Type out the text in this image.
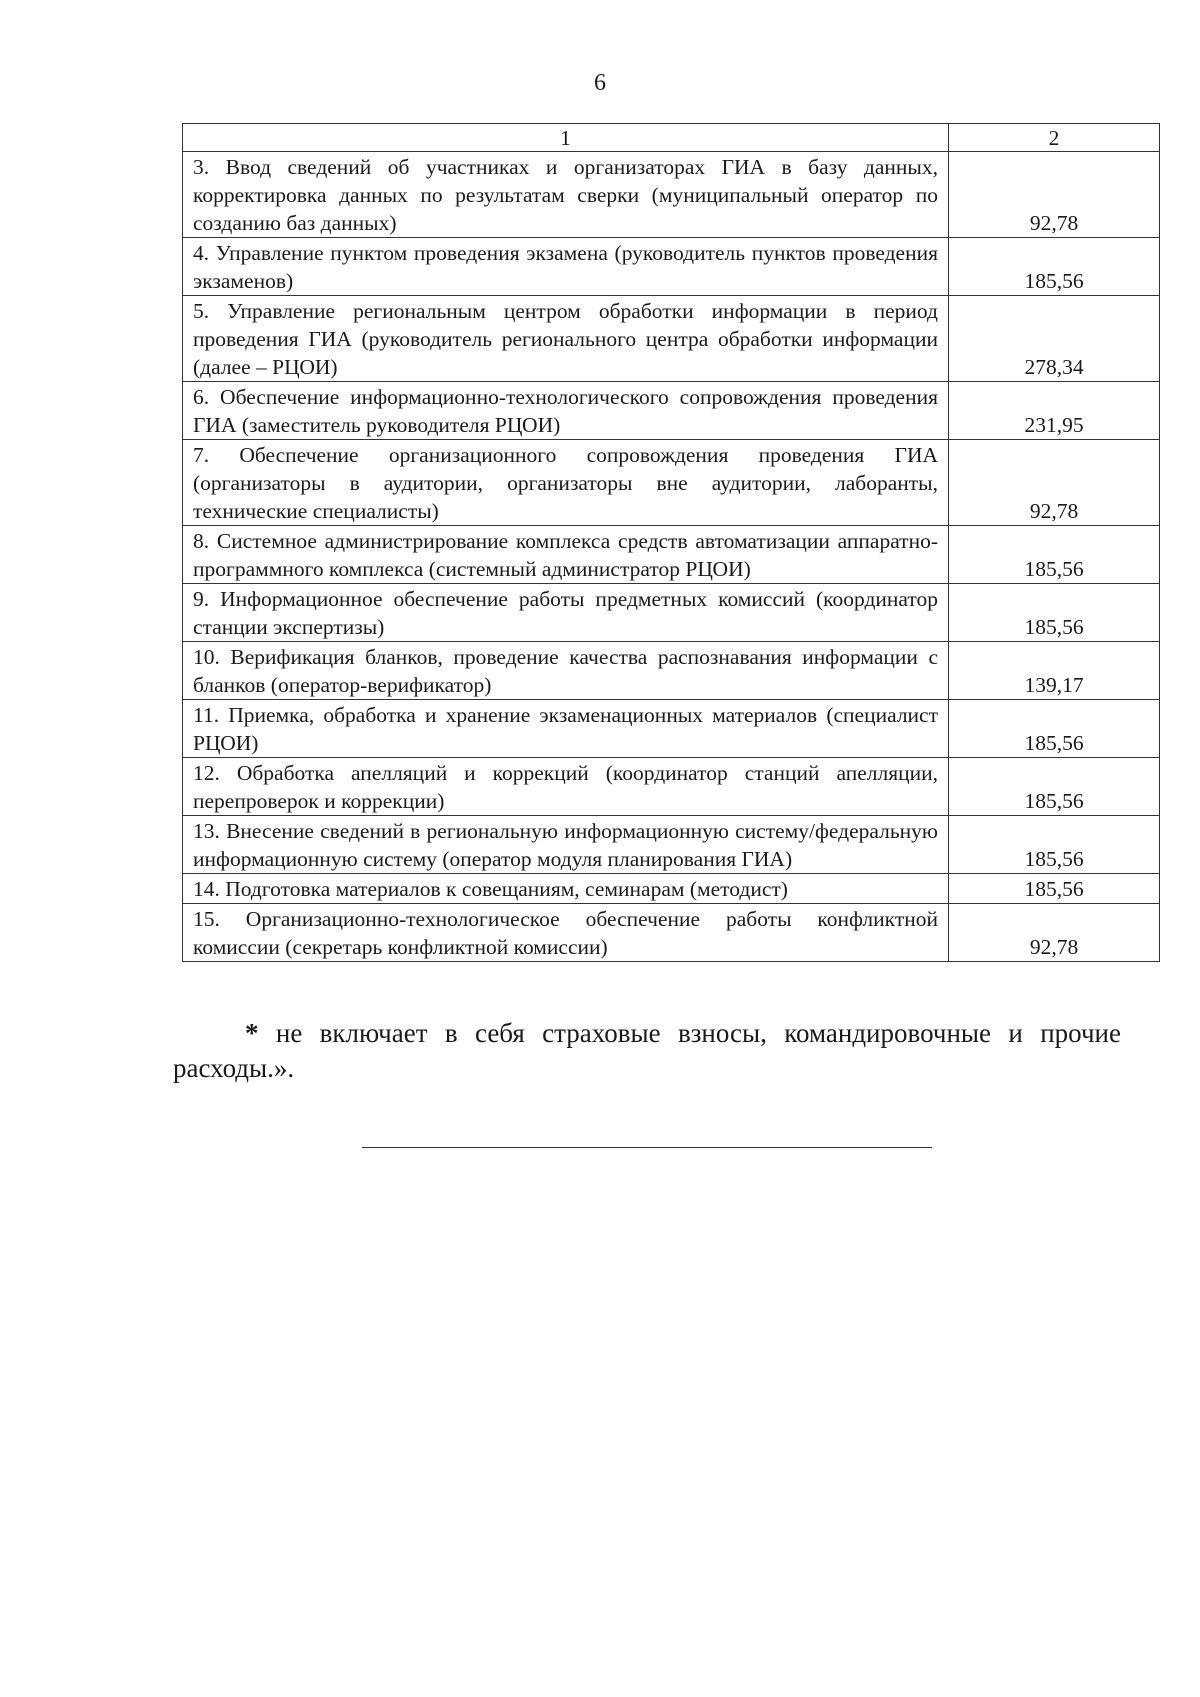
6
1	2
3. Ввод сведений об участниках и организаторах ГИА в базу данных, корректировка данных по результатам сверки (муниципальный оператор по созданию баз данных)	92,78
4. Управление пунктом проведения экзамена (руководитель пунктов проведения экзаменов)	185,56
5. Управление региональным центром обработки информации в период проведения ГИА (руководитель регионального центра обработки информации (далее – РЦОИ)	278,34
6. Обеспечение информационно-технологического сопровождения проведения ГИА (заместитель руководителя РЦОИ)	231,95
7. Обеспечение организационного сопровождения проведения ГИА (организаторы в аудитории, организаторы вне аудитории, лаборанты, технические специалисты)	92,78
8. Системное администрирование комплекса средств автоматизации аппаратно-программного комплекса (системный администратор РЦОИ)	185,56
9. Информационное обеспечение работы предметных комиссий (координатор станции экспертизы)	185,56
10. Верификация бланков, проведение качества распознавания информации с бланков (оператор-верификатор)	139,17
11. Приемка, обработка и хранение экзаменационных материалов (специалист РЦОИ)	185,56
12. Обработка апелляций и коррекций (координатор станций апелляции, перепроверок и коррекции)	185,56
13. Внесение сведений в региональную информационную систему/федеральную информационную систему (оператор модуля планирования ГИА)	185,56
14. Подготовка материалов к совещаниям, семинарам (методист)	185,56
15. Организационно-технологическое обеспечение работы конфликтной комиссии (секретарь конфликтной комиссии)	92,78
* не включает в себя страховые взносы, командировочные и прочие расходы.».
